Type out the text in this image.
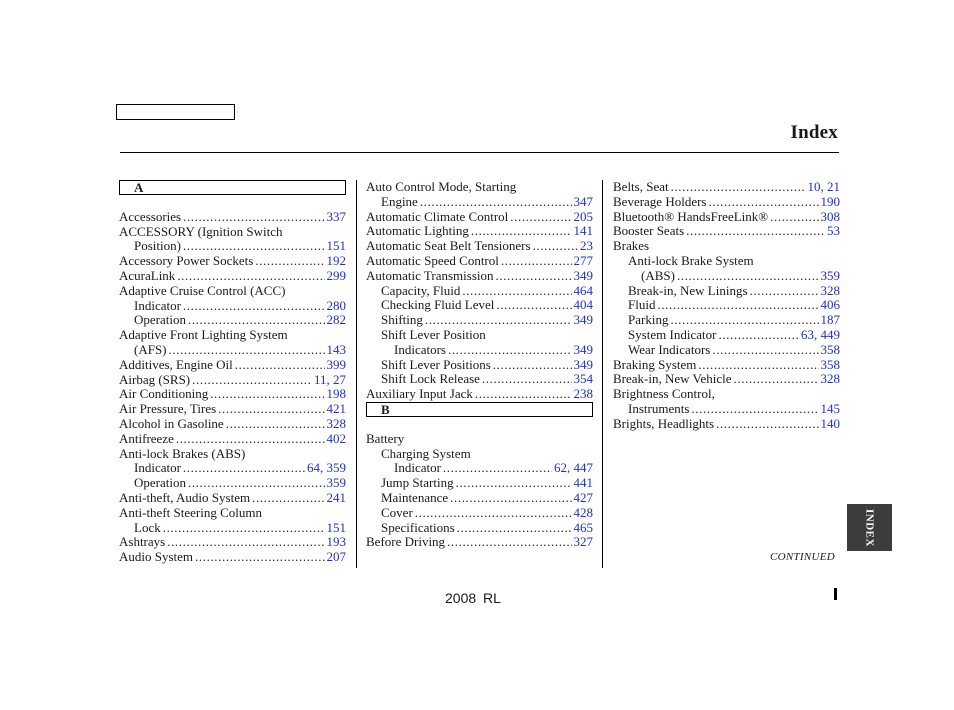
Index
A
Accessories .....	337
ACCESSORY (Ignition Switch
Position) .....	151
Accessory Power Sockets .....	192
AcuraLink .....	299
Adaptive Cruise Control (ACC)
Indicator .....	280
Operation .....	282
Adaptive Front Lighting System
(AFS) .....	143
Additives, Engine Oil .....	399
Airbag (SRS) .....	11, 27
Air Conditioning .....	198
Air Pressure, Tires .....	421
Alcohol in Gasoline .....	328
Antifreeze .....	402
Anti-lock Brakes (ABS)
Indicator .....	64, 359
Operation .....	359
Anti-theft, Audio System .....	241
Anti-theft Steering Column
Lock .....	151
Ashtrays .....	193
Audio System .....	207
Auto Control Mode, Starting
Engine .....	347
Automatic Climate Control .....	205
Automatic Lighting .....	141
Automatic Seat Belt Tensioners .....	23
Automatic Speed Control .....	277
Automatic Transmission .....	349
Capacity, Fluid .....	464
Checking Fluid Level .....	404
Shifting .....	349
Shift Lever Position
Indicators .....	349
Shift Lever Positions .....	349
Shift Lock Release .....	354
Auxiliary Input Jack .....	238
B
Battery
Charging System
Indicator .....	62, 447
Jump Starting .....	441
Maintenance .....	427
Cover .....	428
Specifications .....	465
Before Driving .....	327
Belts, Seat .....	10, 21
Beverage Holders .....	190
Bluetooth® HandsFreeLink® .....	308
Booster Seats .....	53
Brakes
Anti-lock Brake System
(ABS) .....	359
Break-in, New Linings .....	328
Fluid .....	406
Parking .....	187
System Indicator .....	63, 449
Wear Indicators .....	358
Braking System .....	358
Break-in, New Vehicle .....	328
Brightness Control,
Instruments .....	145
Brights, Headlights .....	140
CONTINUED
2008 RL
INDEX
